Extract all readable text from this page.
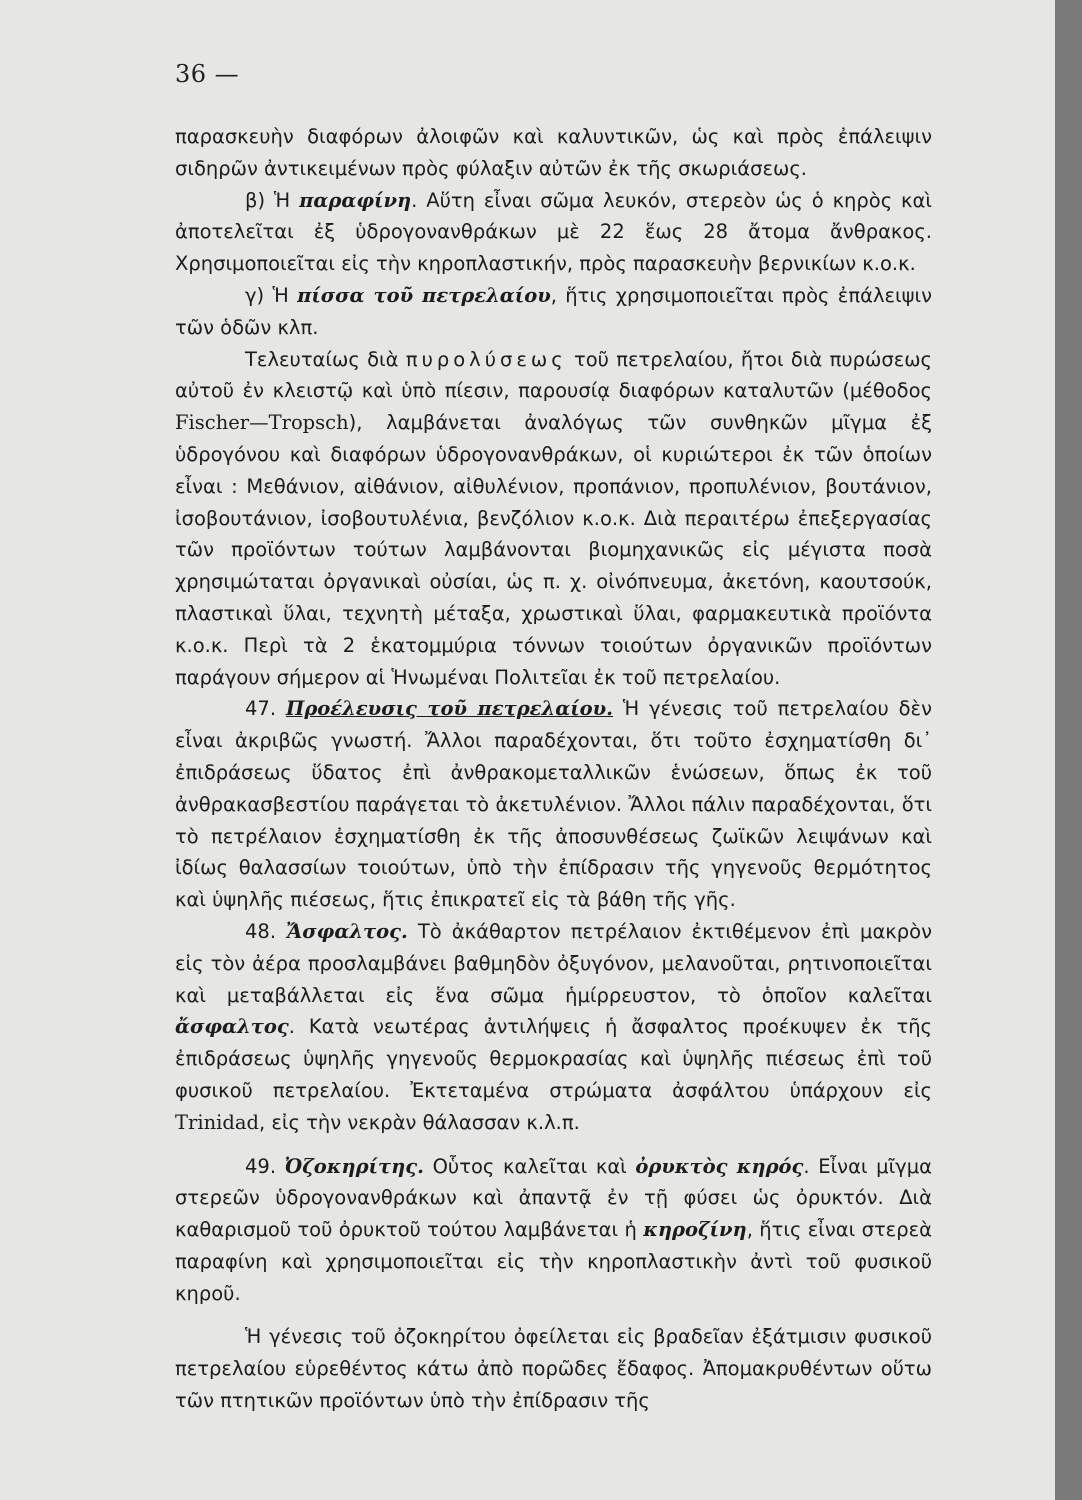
36 —

παρασκευὴν διαφόρων ἀλοιφῶν καὶ καλυντικῶν, ὡς καὶ πρὸς ἐπάλειψιν σιδηρῶν ἀντικειμένων πρὸς φύλαξιν αὐτῶν ἐκ τῆς σκωριάσεως.

β) Ἡ παραφίνη. Αὕτη εἶναι σῶμα λευκόν, στερεὸν ὡς ὁ κηρὸς καὶ ἀποτελεῖται ἐξ ὑδρογονανθράκων μὲ 22 ἕως 28 ἄτομα ἄνθρακος. Χρησιμοποιεῖται εἰς τὴν κηροπλαστικήν, πρὸς παρασκευὴν βερνικίων κ.ο.κ.

γ) Ἡ πίσσα τοῦ πετρελαίου, ἥτις χρησιμοποιεῖται πρὸς ἐπάλειψιν τῶν ὁδῶν κλπ.

Τελευταίως διὰ πυρολύσεως τοῦ πετρελαίου, ἤτοι διὰ πυρώσεως αὐτοῦ ἐν κλειστῷ καὶ ὑπὸ πίεσιν, παρουσίᾳ διαφόρων καταλυτῶν (μέθοδος Fischer—Tropsch), λαμβάνεται ἀναλόγως τῶν συνθηκῶν μῖγμα ἐξ ὑδρογόνου καὶ διαφόρων ὑδρογονανθράκων, οἱ κυριώτεροι ἐκ τῶν ὁποίων εἶναι : Μεθάνιον, αἰθάνιον, αἰθυλένιον, προπάνιον, προπυλένιον, βουτάνιον, ἰσοβουτάνιον, ἰσοβουτυλένια, βενζόλιον κ.ο.κ. Διὰ περαιτέρω ἐπεξεργασίας τῶν προϊόντων τούτων λαμβάνονται βιομηχανικῶς εἰς μέγιστα ποσὰ χρησιμώταται ὀργανικαὶ οὐσίαι, ὡς π. χ. οἰνόπνευμα, ἀκετόνη, καουτσούκ, πλαστικαὶ ὕλαι, τεχνητὴ μέταξα, χρωστικαὶ ὕλαι, φαρμακευτικὰ προϊόντα κ.ο.κ. Περὶ τὰ 2 ἑκατομμύρια τόννων τοιούτων ὀργανικῶν προϊόντων παράγουν σήμερον αἱ Ἡνωμέναι Πολιτεῖαι ἐκ τοῦ πετρελαίου.

47. Προέλευσις τοῦ πετρελαίου. Ἡ γένεσις τοῦ πετρελαίου δὲν εἶναι ἀκριβῶς γνωστή. Ἄλλοι παραδέχονται, ὅτι τοῦτο ἐσχηματίσθη δι᾽ ἐπιδράσεως ὕδατος ἐπὶ ἀνθρακομεταλλικῶν ἑνώσεων, ὅπως ἐκ τοῦ ἀνθρακασβεστίου παράγεται τὸ ἀκετυλένιον. Ἄλλοι πάλιν παραδέχονται, ὅτι τὸ πετρέλαιον ἐσχηματίσθη ἐκ τῆς ἀποσυνθέσεως ζωϊκῶν λειψάνων καὶ ἰδίως θαλασσίων τοιούτων, ὑπὸ τὴν ἐπίδρασιν τῆς γηγενοῦς θερμότητος καὶ ὑψηλῆς πιέσεως, ἥτις ἐπικρατεῖ εἰς τὰ βάθη τῆς γῆς.

48. Ἄσφαλτος. Τὸ ἀκάθαρτον πετρέλαιον ἐκτιθέμενον ἐπὶ μακρὸν εἰς τὸν ἀέρα προσλαμβάνει βαθμηδὸν ὀξυγόνον, μελανοῦται, ρητινοποιεῖται καὶ μεταβάλλεται εἰς ἕνα σῶμα ἡμίρρευστον, τὸ ὁποῖον καλεῖται ἄσφαλτος. Κατὰ νεωτέρας ἀντιλήψεις ἡ ἄσφαλτος προέκυψεν ἐκ τῆς ἐπιδράσεως ὑψηλῆς γηγενοῦς θερμοκρασίας καὶ ὑψηλῆς πιέσεως ἐπὶ τοῦ φυσικοῦ πετρελαίου. Ἐκτεταμένα στρώματα ἀσφάλτου ὑπάρχουν εἰς Trinidad, εἰς τὴν νεκρὰν θάλασσαν κ.λ.π.

49. Ὀζοκηρίτης. Οὗτος καλεῖται καὶ ὀρυκτὸς κηρός. Εἶναι μῖγμα στερεῶν ὑδρογονανθράκων καὶ ἀπαντᾷ ἐν τῇ φύσει ὡς ὀρυκτόν. Διὰ καθαρισμοῦ τοῦ ὀρυκτοῦ τούτου λαμβάνεται ἡ κηροζίνη, ἥτις εἶναι στερεὰ παραφίνη καὶ χρησιμοποιεῖται εἰς τὴν κηροπλαστικὴν ἀντὶ τοῦ φυσικοῦ κηροῦ.

Ἡ γένεσις τοῦ ὀζοκηρίτου ὀφείλεται εἰς βραδεῖαν ἐξάτμισιν φυσικοῦ πετρελαίου εὑρεθέντος κάτω ἀπὸ πορῶδες ἔδαφος. Ἀπομακρυθέντων οὕτω τῶν πτητικῶν προϊόντων ὑπὸ τὴν ἐπίδρασιν τῆς
